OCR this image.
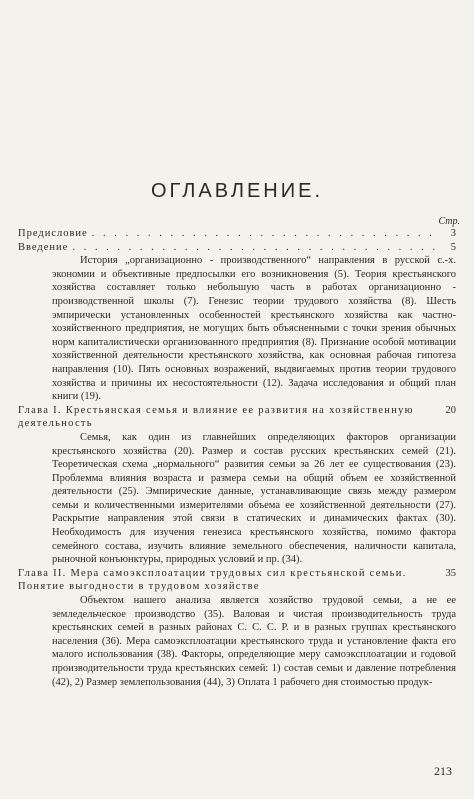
ОГЛАВЛЕНИЕ.
Стр.
Предисловие . . .	3
Введение . . .	5

История „организационно - производственного“ направления в русской с.-х. экономии и объективные предпосылки его возникновения (5). Теория крестьянского хозяйства составляет только небольшую часть в работах организационно - производственной школы (7). Генезис теории трудового хозяйства (8). Шесть эмпирически установленных особенностей крестьянского хозяйства как частно-хозяйственного предприятия, не могущих быть объясненными с точки зрения обычных норм капиталистически организованного предприятия (8). Признание особой мотивации хозяйственной деятельности крестьянского хозяйства, как основная рабочая гипотеза направления (10). Пять основных возражений, выдвигаемых против теории трудового хозяйства и причины их несостоятельности (12). Задача исследования и общий план книги (19).

Глава I. Крестьянская семья и влияние ее развития на хозяйственную деятельность
20

Семья, как один из главнейших определяющих факторов организации крестьянского хозяйства (20). Размер и состав русских крестьянских семей (21). Теоретическая схема „нормального“ развития семьи за 26 лет ее существования (23). Проблемма влияния возраста и размера семьи на общий объем ее хозяйственной деятельности (25). Эмпирические данные, устанавливающие связь между размером семьи и количественными измерителями объема ее хозяйственной деятельности (27). Раскрытие направления этой связи в статических и динамических фактах (30). Необходимость для изучения генезиса крестьянского хозяйства, помимо фактора семейного состава, изучить влияние земельного обеспечения, наличности капитала, рыночной конъюнктуры, природных условий и пр. (34).

Глава II. Мера самоэксплоатации трудовых сил крестьянской семьи. Понятие выгодности в трудовом хозяйстве
35

Объектом нашего анализа является хозяйство трудовой семьи, а не ее земледельческое производство (35). Валовая и чистая производительность труда крестьянских семей в разных районах С. С. С. Р. и в разных группах крестьянского населения (36). Мера самоэксплоатации крестьянского труда и установление факта его малого использования (38). Факторы, определяющие меру самоэксплоатации и годовой производительности труда крестьянских семей: 1) состав семьи и давление потребления (42), 2) Размер землепользования (44), 3) Оплата 1 рабочего дня стоимостью продук-

213
